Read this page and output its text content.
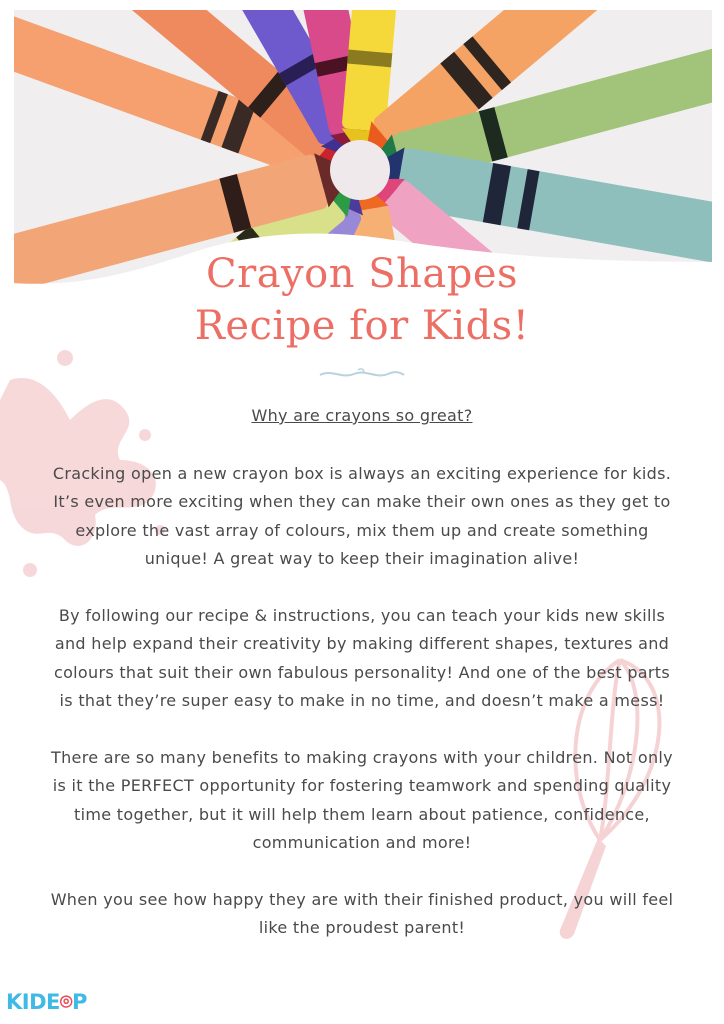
Crayon Shapes
Recipe for Kids!
Why are crayons so great?

Cracking open a new crayon box is always an exciting experience for kids. It’s even more exciting when they can make their own ones as they get to explore the vast array of colours, mix them up and create something unique! A great way to keep their imagination alive!

By following our recipe & instructions, you can teach your kids new skills and help expand their creativity by making different shapes, textures and colours that suit their own fabulous personality! And one of the best parts is that they’re super easy to make in no time, and doesn’t make a mess!

There are so many benefits to making crayons with your children. Not only is it the PERFECT opportunity for fostering teamwork and spending quality time together, but it will help them learn about patience, confidence, communication and more!

When you see how happy they are with their finished product, you will feel like the proudest parent!

KIDE⌾P
